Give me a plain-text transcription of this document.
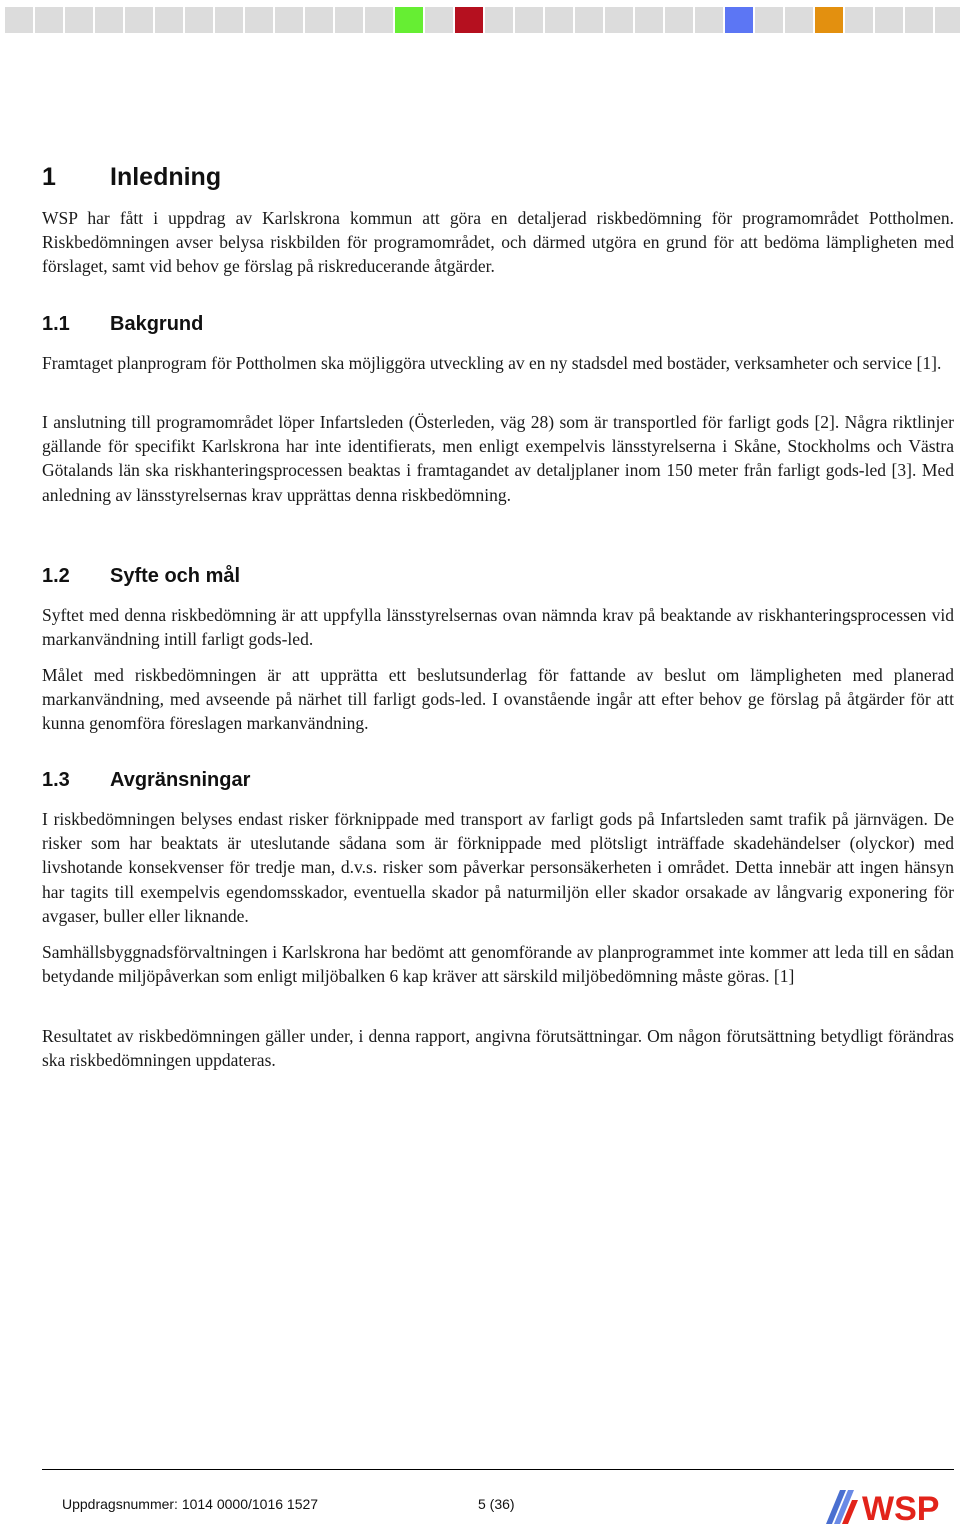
1 Inledning

WSP har fått i uppdrag av Karlskrona kommun att göra en detaljerad riskbedömning för programområdet Pottholmen. Riskbedömningen avser belysa riskbilden för programområdet, och därmed utgöra en grund för att bedöma lämpligheten med förslaget, samt vid behov ge förslag på riskreducerande åtgärder.

1.1 Bakgrund

Framtaget planprogram för Pottholmen ska möjliggöra utveckling av en ny stadsdel med bostäder, verksamheter och service [1].

I anslutning till programområdet löper Infartsleden (Österleden, väg 28) som är transportled för farligt gods [2]. Några riktlinjer gällande för specifikt Karlskrona har inte identifierats, men enligt exempelvis länsstyrelserna i Skåne, Stockholms och Västra Götalands län ska riskhanteringsprocessen beaktas i framtagandet av detaljplaner inom 150 meter från farligt gods-led [3]. Med anledning av länsstyrelsernas krav upprättas denna riskbedömning.

1.2 Syfte och mål

Syftet med denna riskbedömning är att uppfylla länsstyrelsernas ovan nämnda krav på beaktande av riskhanteringsprocessen vid markanvändning intill farligt gods-led.

Målet med riskbedömningen är att upprätta ett beslutsunderlag för fattande av beslut om lämpligheten med planerad markanvändning, med avseende på närhet till farligt gods-led. I ovanstående ingår att efter behov ge förslag på åtgärder för att kunna genomföra föreslagen markanvändning.

1.3 Avgränsningar

I riskbedömningen belyses endast risker förknippade med transport av farligt gods på Infartsleden samt trafik på järnvägen. De risker som har beaktats är uteslutande sådana som är förknippade med plötsligt inträffade skadehändelser (olyckor) med livshotande konsekvenser för tredje man, d.v.s. risker som påverkar personsäkerheten i området. Detta innebär att ingen hänsyn har tagits till exempelvis egendomsskador, eventuella skador på naturmiljön eller skador orsakade av långvarig exponering för avgaser, buller eller liknande.

Samhällsbyggnadsförvaltningen i Karlskrona har bedömt att genomförande av planprogrammet inte kommer att leda till en sådan betydande miljöpåverkan som enligt miljöbalken 6 kap kräver att särskild miljöbedömning måste göras. [1]

Resultatet av riskbedömningen gäller under, i denna rapport, angivna förutsättningar. Om någon förutsättning betydligt förändras ska riskbedömningen uppdateras.

Uppdragsnummer: 1014 0000/1016 1527	5 (36)	WSP
